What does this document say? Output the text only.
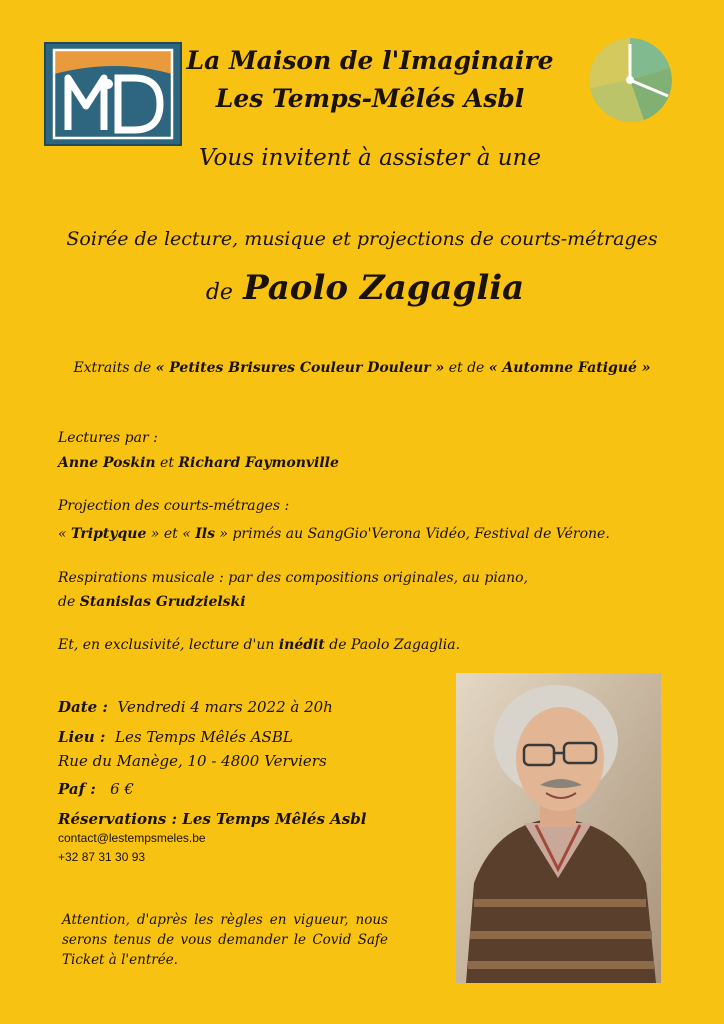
La Maison de l'Imaginaire
Les Temps-Mêlés Asbl
Vous invitent à assister à une
Soirée de lecture, musique et projections de courts-métrages
de Paolo Zagaglia
Extraits de « Petites Brisures Couleur Douleur » et de « Automne Fatigué »
Lectures par :
Anne Poskin et Richard Faymonville
Projection des courts-métrages :
« Triptyque » et « Ils » primés au SangGio'Verona Vidéo, Festival de Vérone.
Respirations musicale : par des compositions originales, au piano,
de Stanislas Grudzielski
Et, en exclusivité, lecture d'un inédit de Paolo Zagaglia.
Date : Vendredi 4 mars 2022 à 20h
Lieu : Les Temps Mêlés ASBL
Rue du Manège, 10 - 4800 Verviers
Paf : 6 €
Réservations : Les Temps Mêlés Asbl
contact@lestempsmeles.be
+32 87 31 30 93
Attention, d'après les règles en vigueur, nous serons tenus de vous demander le Covid Safe Ticket à l'entrée.
